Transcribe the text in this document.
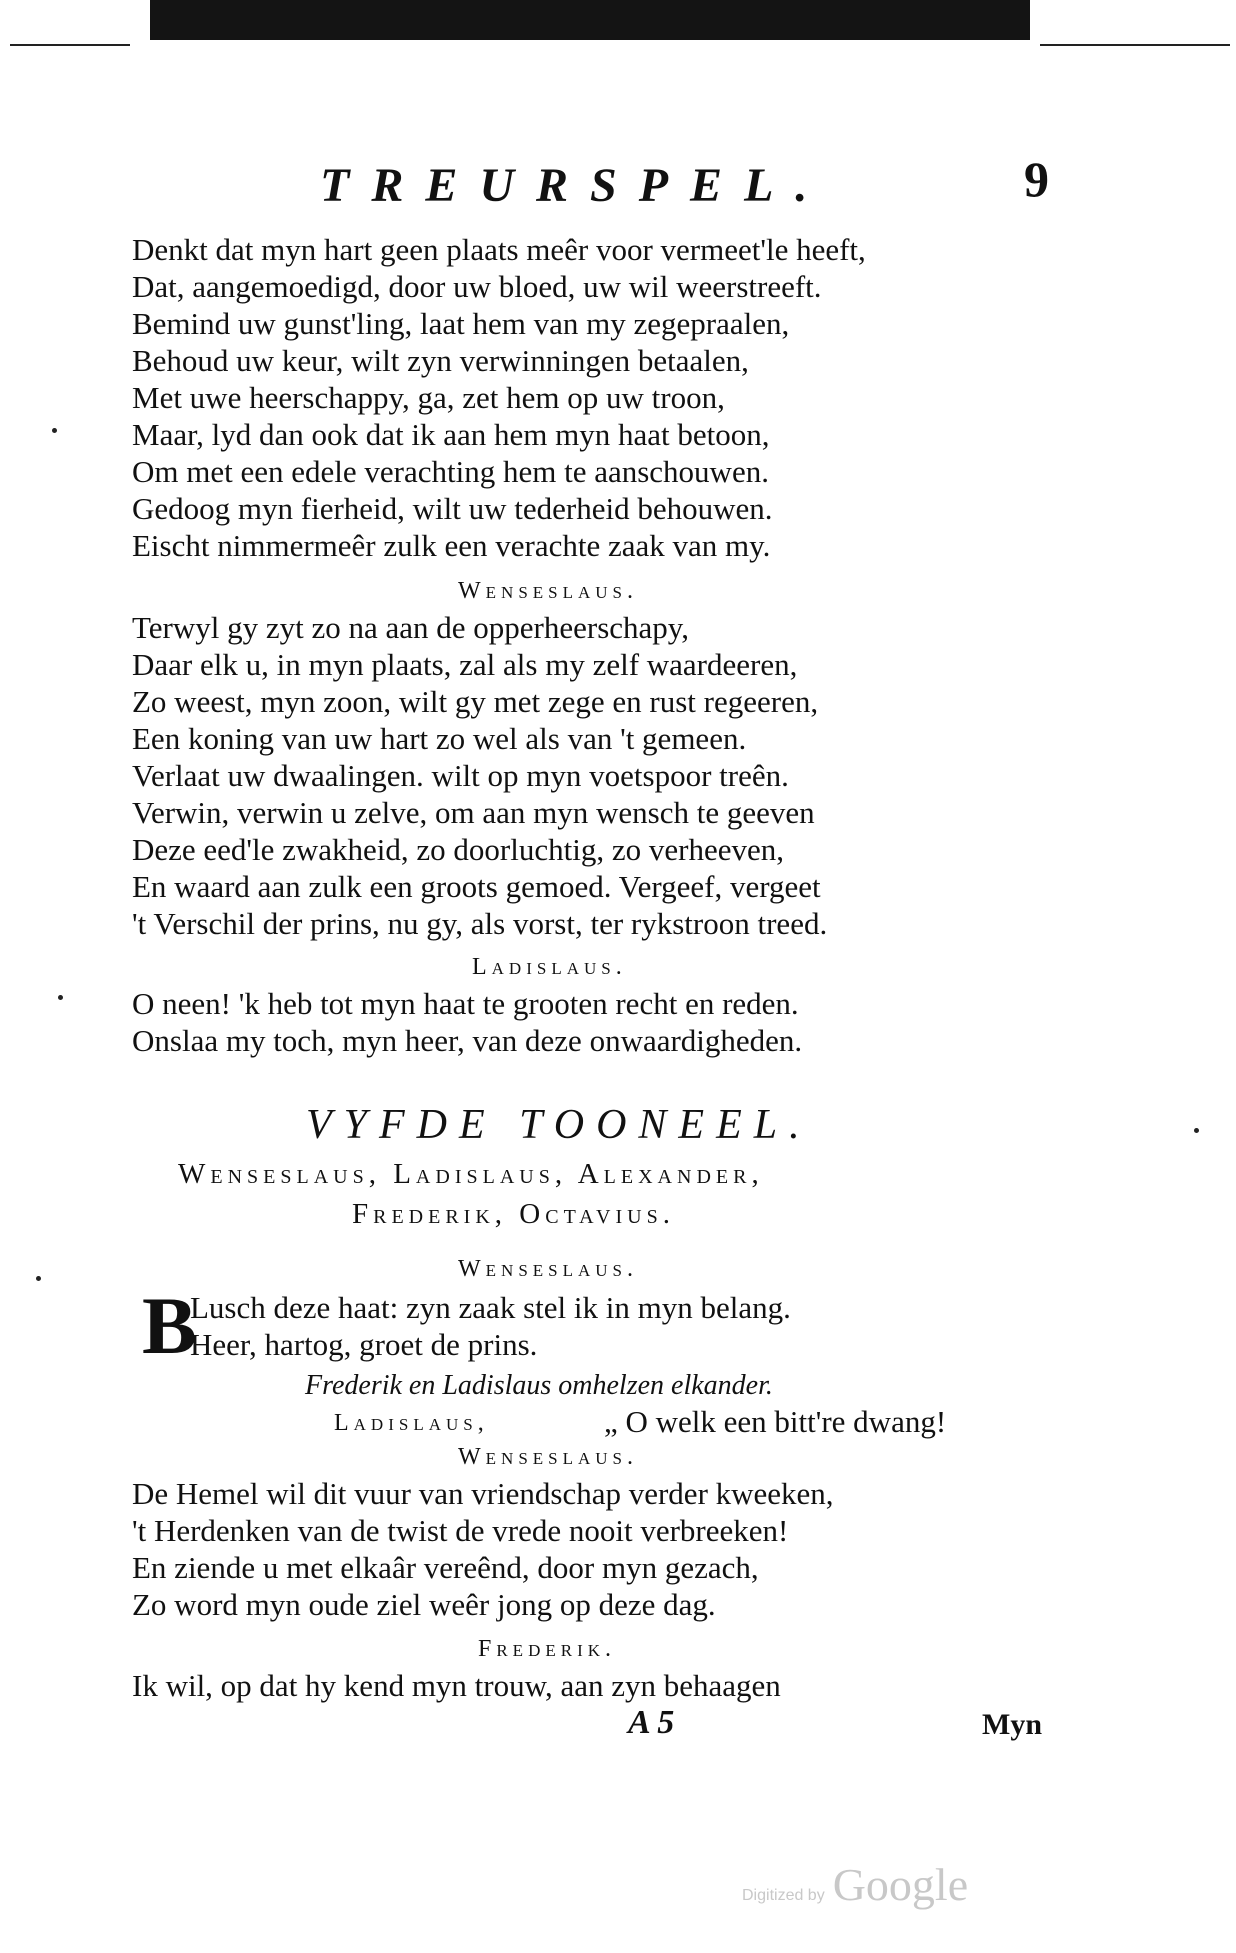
TREURSPEL.	9
Denkt dat myn hart geen plaats meêr voor vermeet'le heeft,
Dat, aangemoedigd, door uw bloed, uw wil weerstreeft.
Bemind uw gunst'ling, laat hem van my zegepraalen,
Behoud uw keur, wilt zyn verwinningen betaalen,
Met uwe heerschappy, ga, zet hem op uw troon,
Maar, lyd dan ook dat ik aan hem myn haat betoon,
Om met een edele verachting hem te aanschouwen.
Gedoog myn fierheid, wilt uw tederheid behouwen.
Eischt nimmermeêr zulk een verachte zaak van my.
Wenseslaus.
Terwyl gy zyt zo na aan de opperheerschapy,
Daar elk u, in myn plaats, zal als my zelf waardeeren,
Zo weest, myn zoon, wilt gy met zege en rust regeeren,
Een koning van uw hart zo wel als van 't gemeen.
Verlaat uw dwaalingen. wilt op myn voetspoor treên.
Verwin, verwin u zelve, om aan myn wensch te geeven
Deze eed'le zwakheid, zo doorluchtig, zo verheeven,
En waard aan zulk een groots gemoed. Vergeef, vergeet
't Verschil der prins, nu gy, als vorst, ter rykstroon treed.
Ladislaus.
O neen! 'k heb tot myn haat te grooten recht en reden.
Onslaa my toch, myn heer, van deze onwaardigheden.
VYFDE TOONEEL.
Wenseslaus, Ladislaus, Alexander,
Frederik, Octavius.
Wenseslaus.
B
Lusch deze haat: zyn zaak stel ik in myn belang.
Heer, hartog, groet de prins.
Frederik en Ladislaus omhelzen elkander.
Ladislaus,	„ O welk een bitt're dwang!
Wenseslaus.
De Hemel wil dit vuur van vriendschap verder kweeken,
't Herdenken van de twist de vrede nooit verbreeken!
En ziende u met elkaâr vereênd, door myn gezach,
Zo word myn oude ziel weêr jong op deze dag.
Frederik.
Ik wil, op dat hy kend myn trouw, aan zyn behaagen
A 5	Myn
Digitized by Google
